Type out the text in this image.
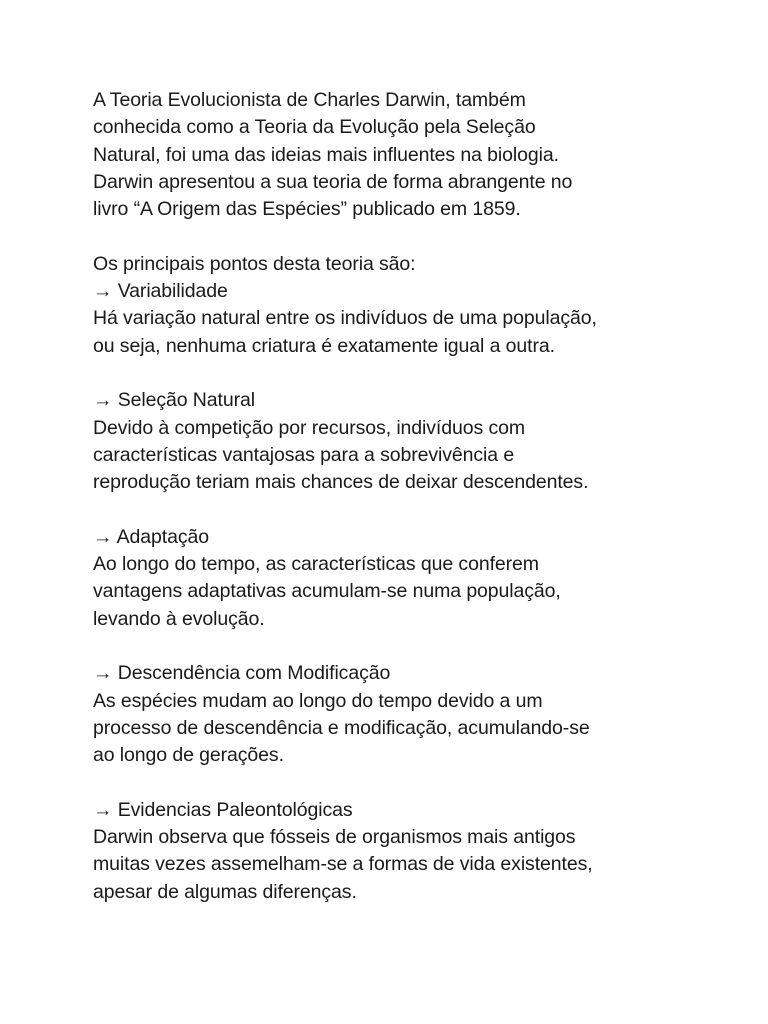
A Teoria Evolucionista de Charles Darwin, também
conhecida como a Teoria da Evolução pela Seleção
Natural, foi uma das ideias mais influentes na biologia.
Darwin apresentou a sua teoria de forma abrangente no
livro “A Origem das Espécies” publicado em 1859.
Os principais pontos desta teoria são:
→ Variabilidade
Há variação natural entre os indivíduos de uma população,
ou seja, nenhuma criatura é exatamente igual a outra.
→ Seleção Natural
Devido à competição por recursos, indivíduos com
características vantajosas para a sobrevivência e
reprodução teriam mais chances de deixar descendentes.
→ Adaptação
Ao longo do tempo, as características que conferem
vantagens adaptativas acumulam-se numa população,
levando à evolução.
→ Descendência com Modificação
As espécies mudam ao longo do tempo devido a um
processo de descendência e modificação, acumulando-se
ao longo de gerações.
→ Evidencias Paleontológicas
Darwin observa que fósseis de organismos mais antigos
muitas vezes assemelham-se a formas de vida existentes,
apesar de algumas diferenças.
